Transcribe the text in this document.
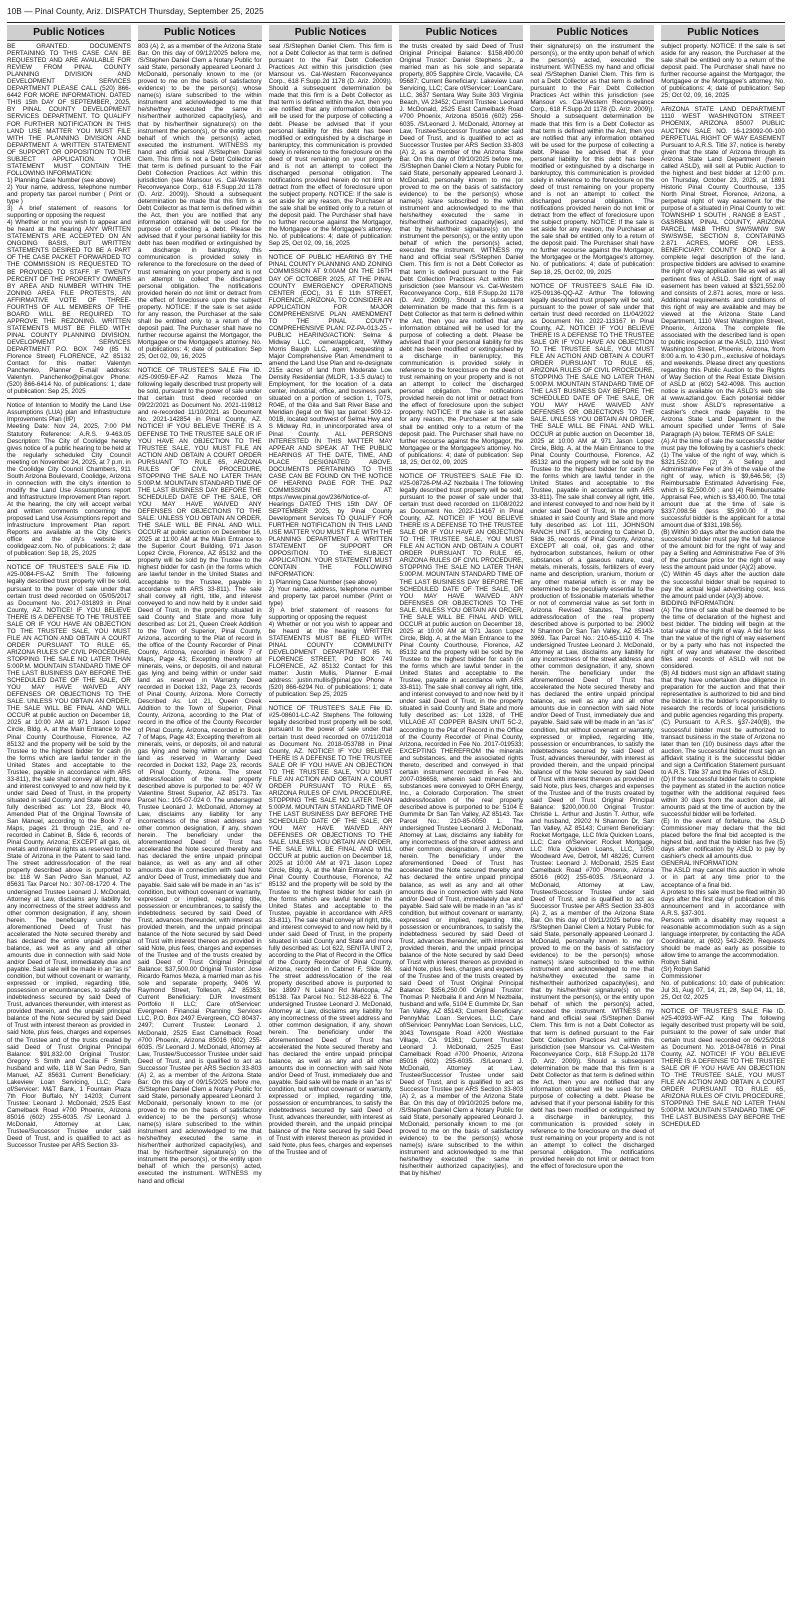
10B — Pinal County, Ariz. DISPATCH Thursday, September 25, 2025
Public Notices

BE GRANTED. DOCUMENTS PERTAINING TO THIS CASE CAN BE REQUESTED AND ARE AVAILABLE FOR REVIEW FROM PINAL COUNTY PLANNING DIVISION AND DEVELOPMENT SERVICES DEPARTMENT PLEASE CALL (520) 866-6442 FOR MORE INFORMATION. DATED THIS 15th DAY OF SEPTEMBER, 2025, BY PINAL COUNTY DEVELOPMENT SERVICES DEPARTMENT. TO QUALIFY FOR FURTHER NOTIFICATION IN THIS LAND USE MATTER YOU MUST FILE WITH THE PLANNING DIVISION AND DEPARTMENT A WRITTEN STATEMENT OF SUPPORT OR OPPOSITION TO THE SUBJECT APPLICATION. YOUR STATEMENT MUST CONTAIN THE FOLLOWING INFORMATION:

1) Planning Case Number (see above)

2) Your name, address, telephone number and property tax parcel number ( Print or type )

3) A brief statement of reasons for supporting or opposing the request

4) Whether or not you wish to appear and be heard at the hearing ANY WRITTEN STATEMENTS ARE ACCEPTED ON AN ONGOING BASIS, BUT WRITTEN STATEMENTS DESIRED TO BE A PART OF THE CASE PACKET FORWARDED TO THE COMMISSION IS REQUESTED TO BE PROVIDED TO STAFF. IF TWENTY PERCENT OF THE PROPERTY OWNERS BY AREA AND NUMBER WITHIN THE ZONING AREA FILE PROTESTS, AN AFFIRMATIVE VOTE OF THREE-FOURTHS OF ALL MEMBERS OF THE BOARD WILL BE REQUIRED TO APPROVE THE REZONING. WRITTEN STATEMENTS MUST BE FILED WITH: PINAL COUNTY PLANNING DIVISION, DEVELOPMENT SERVICES DEPARTMENT P.O. BOX 749 (85 N. Florence Street) FLORENCE, AZ 85132 Contact for this matter: Valentyn Panchenko, Planner E-mail address: Valentyn. Panchenko@pinal.gov Phone: (520) 866-6414 No. of publications: 1; date of publication: Sep 25, 2025

Notice of Intention to Modify the Land Use Assumptions (LUA) plan and Infrastructure Improvements Plan (IIP)

Meeting Date: Nov 24, 2025, 7:00 PM Statutory Reference: A.R.S. 9-463.05 Description: The City of Coolidge hereby gives notice of a public hearing to be held at the regularly scheduled City Council meeting on November 24, 2025, at 7 p.m. in the Coolidge City Council Chambers, 911 South Arizona Boulevard, Coolidge, Arizona in connection with the city's intention to modify the Land Use Assumptions report and Infrastructure Improvement Plan report. At the hearing, the city will accept verbal and written comments concerning the proposed Land Use Assumptions report and Infrastructure Improvement Plan report. Reports are available at the City Clerk's office and the city's website at coolidgeaz.com. No. of publications: 2; date of publication: Sep 18, 25, 2025

NOTICE OF TRUSTEE'S SALE File ID. #25-0084-FS-AZ Smith The following legally described trust property will be sold, pursuant to the power of sale under that certain trust deed recorded on 05/05/2017 as Document No. 2017-031893 in Pinal County, AZ. NOTICE! IF YOU BELIEVE THERE IS A DEFENSE TO THE TRUSTEE SALE OR IF YOU HAVE AN OBJECTION TO THE TRUSTEE SALE, YOU MUST FILE AN ACTION AND OBTAIN A COURT ORDER PURSUANT TO RULE 65, ARIZONA RULES OF CIVIL PROCEDURE, STOPPING THE SALE NO LATER THAN 5:00P.M. MOUNTAIN STANDARD TIME OF THE LAST BUSINESS DAY BEFORE THE SCHEDULED DATE OF THE SALE, OR YOU MAY HAVE WAIVED ANY DEFENSES OR OBJECTIONS TO THE SALE. UNLESS YOU OBTAIN AN ORDER, THE SALE WILL BE FINAL AND WILL OCCUR at public auction on December 18, 2025 at 10:00 AM at 971 Jason Lopez Circle, Bldg. A, at the Main Entrance to the Pinal County Courthouse, Florence, AZ 85132 and the property will be sold by the Trustee to the highest bidder for cash (in the forms which are lawful tender in the United States and acceptable to the Trustee, payable in accordance with ARS 33-811), the sale shall convey all right, title, and interest conveyed to and now held by it under said Deed of Trust, in the property situated in said County and State and more fully described as: Lot 23, Block 40, Amended Plat of the Original Townsite of San Manuel, according to the Book 7 of Maps, pages 21 through 21E, and re-recorded in Cabinet B, Slide 6, records of Pinal County, Arizona; EXCEPT all gas, oil, metals and mineral rights as reserved to the State of Arizona in the Patent to said land. The street address/location of the real property described above is purported to be: 118 W San Pedro San Manuel, AZ 85631 Tax Parcel No.: 307-08-1720 4. The undersigned Trustee Leonard J. McDonald, Attorney at Law, disclaims any liability for any incorrectness of the street address and other common designation, if any, shown herein. The beneficiary under the aforementioned Deed of Trust has accelerated the Note secured thereby and has declared the entire unpaid principal balance, as well as any and all other amounts due in connection with said Note and/or Deed of Trust, immediately due and payable. Said sale will be made in an "as is" condition, but without covenant or warranty, expressed or implied, regarding title, possession or encumbrances, to satisfy the indebtedness secured by said Deed of Trust, advances thereunder, with interest as provided therein, and the unpaid principal balance of the Note secured by said Deed of Trust with interest thereon as provided in said Note, plus fees, charges and expenses of the Trustee and of the trusts created by said Deed of Trust Original Principal Balance: $91,832.00 Original Trustor: Gregory S Smith and Cecilia F Smith, husband and wife, 118 W San Pedro, San Manuel, AZ 85631 Current Beneficiary: Lakeview Loan Servicing, LLC; Care of/Servicer: M&T Bank, 1 Fountain Plaza 7th Floor Buffalo, NY 14203; Current Trustee: Leonard J. McDonald, 2525 East Camelback Road #700 Phoenix, Arizona 85016 (602) 255-6035. /S/ Leonard J. McDonald, Attorney at Law, Trustee/Successor Trustee under said Deed of Trust, and is qualified to act as Successor Trustee per ARS Section 33-

Public Notices

803 (A) 2, as a member of the Arizona State Bar. On this day of 09/12/2025 before me, /S/Stephen Daniel Clem a Notary Public for said State, personally appeared Leonard J. McDonald, personally known to me (or proved to me on the basis of satisfactory evidence) to be the person(s) whose name(s) is/are subscribed to the within instrument and acknowledged to me that he/she/they executed the same in his/her/their authorized capacity(ies), and that by his/her/their signature(s) on the instrument the person(s), or the entity upon behalf of which the person(s) acted, executed the instrument. WITNESS my hand and official seal /S/Stephen Daniel Clem. This firm is not a Debt Collector as that term is defined pursuant to the Fair Debt Collection Practices Act within this jurisdiction (see Mansour vs. Cal-Western Reconveyance Corp., 618 F.Supp.2d 1178 (D. Ariz. 2009)). Should a subsequent determination be made that this firm is a Debt Collector as that term is defined within the Act, then you are notified that any information obtained will be used for the purpose of collecting a debt. Please be advised that if your personal liability for this debt has been modified or extinguished by a discharge in bankruptcy, this communication is provided solely in reference to the foreclosure on the deed of trust remaining on your property and is not an attempt to collect the discharged personal obligation. The notifications provided herein do not limit or detract from the effect of foreclosure upon the subject property. NOTICE: If the sale is set aside for any reason, the Purchaser at the sale shall be entitled only to a return of the deposit paid. The Purchaser shall have no further recourse against the Mortgagor, the Mortgagee or the Mortgagee's attorney. No. of publications: 4; date of publication: Sep 25; Oct 02, 09, 16, 2025

NOTICE OF TRUSTEE'S SALE File ID. #25-09059-EF-AZ Ramos Meza The following legally described trust property will be sold, pursuant to the power of sale under that certain trust deed recorded on 09/22/2021 as Document No. 2021-119812 and re-recorded 11/10/2021 as Document No. 2021-142854 in Pinal County, AZ. NOTICE! IF YOU BELIEVE THERE IS A DEFENSE TO THE TRUSTEE SALE OR IF YOU HAVE AN OBJECTION TO THE TRUSTEE SALE, YOU MUST FILE AN ACTION AND OBTAIN A COURT ORDER PURSUANT TO RULE 65, ARIZONA RULES OF CIVIL PROCEDURE, STOPPING THE SALE NO LATER THAN 5:00P.M. MOUNTAIN STANDARD TIME OF THE LAST BUSINESS DAY BEFORE THE SCHEDULED DATE OF THE SALE, OR YOU MAY HAVE WAIVED ANY DEFENSES OR OBJECTIONS TO THE SALE. UNLESS YOU OBTAIN AN ORDER, THE SALE WILL BE FINAL AND WILL OCCUR at public auction on December 16, 2025 at 11:00 AM at the Main Entrance to the Superior Court Building, 971 Jason Lopez Circle, Florence, AZ 85132 and the property will be sold by the Trustee to the highest bidder for cash (in the forms which are lawful tender in the United States and acceptable to the Trustee, payable in accordance with ARS 33-811). The sale shall convey all right, title, and interest conveyed to and now held by it under said Deed of Trust, in the property situated in said County and State and more fully described as: Lot 21, Queen Creek Addition to the Town of Superior, Pinal County, Arizona, according to the Plat of record in the office of the County Recorder of Pinal County, Arizona, recorded in Book 7 of Maps, Page 43; Excepting therefrom all minerals, veins, or deposits, oil and natural gas lying and being within or under said land as reserved in Warranty Deed recorded in Docket 132, Page 23, records of Pinal County, Arizona. More Correctly Described As: Lot 21, Queen Creek Addition to the Town of Superior, Pinal County, Arizona, according to the Plat of record in the office of the County Recorder of Pinal County, Arizona, recorded in Book 7 of Maps, Page 43; Excepting therefrom all minerals, veins, or deposits, oil and natural gas lying and being within or under said land as reserved in Warranty Deed recorded in Docket 132, Page 23, records of Pinal County, Arizona. The street address/location of the real property described above is purported to be: 407 W Valentine Street Superior, AZ 85173. Tax Parcel No.: 105-07-024 0. The undersigned Trustee Leonard J. McDonald, Attorney at Law, disclaims any liability for any incorrectness of the street address and other common designation, if any, shown herein. The beneficiary under the aforementioned Deed of Trust has accelerated the Note secured thereby and has declared the entire unpaid principal balance, as well as any and all other amounts due in connection with said Note and/or Deed of Trust, immediately due and payable. Said sale will be made in an "as is" condition, but without covenant or warranty, expressed or implied, regarding title, possession or encumbrances, to satisfy the indebtedness secured by said Deed of Trust, advances thereunder, with interest as provided therein, and the unpaid principal balance of the Note secured by said Deed of Trust with interest thereon as provided in said Note, plus fees, charges and expenses of the Trustee and of the trusts created by said Deed of Trust Original Principal Balance: $37,500.00 Original Trustor: Jose Ricardo Ramos Meza, a married man as his sole and separate property, 9406 W. Raymond Street, Tolleson, AZ 85353; Current Beneficiary: DJR Investment Portfolio II LLC; Care of/Servicer: Evergreen Financial Planning Services LLC, P.O. Box 2497 Evergreen, CO 80437-2497; Current Trustee: Leonard J. McDonald, 2525 East Camelback Road #700 Phoenix, Arizona 85016 (602) 255-6035. /S/ Leonard J. McDonald, Attorney at Law, Trustee/Successor Trustee under said Deed of Trust, and is qualified to act as Successor Trustee per ARS Section 33-803 (A) 2, as a member of the Arizona State Bar. On this day of 09/15/2025 before me, /S/Stephen Daniel Clem a Notary Public for said State, personally appeared Leonard J. McDonald, personally known to me (or proved to me on the basis of satisfactory evidence) to be the person(s) whose name(s) is/are subscribed to the within instrument and acknowledged to me that he/she/they executed the same in his/her/their authorized capacity(ies), and that by his/her/their signature(s) on the instrument the person(s), or the entity upon behalf of which the person(s) acted, executed the instrument. WITNESS my hand and official

Public Notices

seal /S/Stephen Daniel Clem. This firm is not a Debt Collector as that term is defined pursuant to the Fair Debt Collection Practices Act within this jurisdiction (see Mansour vs. Cal-Western Reconveyance Corp., 618 F.Supp.2d 1178 (D. Ariz. 2009)). Should a subsequent determination be made that this firm is a Debt Collector as that term is defined within the Act, then you are notified that any information obtained will be used for the purpose of collecting a debt. Please be advised that if your personal liability for this debt has been modified or extinguished by a discharge in bankruptcy, this communication is provided solely in reference to the foreclosure on the deed of trust remaining on your property and is not an attempt to collect the discharged personal obligation. The notifications provided herein do not limit or detract from the effect of foreclosure upon the subject property. NOTICE: If the sale is set aside for any reason, the Purchaser at the sale shall be entitled only to a return of the deposit paid. The Purchaser shall have no further recourse against the Mortgagor, the Mortgagee or the Mortgagee's attorney. No. of publications: 4; date of publication: Sep 25, Oct 02, 09, 16, 2025

NOTICE OF PUBLIC HEARING BY THE PINAL COUNTY PLANNING AND ZONING COMMISSION AT 9:00AM ON THE 16TH DAY OF OCTOBER 2025, AT THE PINAL COUNTY EMERGENCY OPERATIONS CENTER (EOC), 31 E 11th STREET, FLORENCE, ARIZONA, TO CONSIDER AN APPLICATION FOR MAJOR COMPREHENSIVE PLAN AMENDMENT TO THE PINAL COUNTY COMPREHENSIVE PLAN: PZ-PA-013-25 – PUBLIC HEARING/ACTION: Selma & Midway LLC, owner/applicant, Withey Morris Baugh LLC, agent, requesting a Major Comprehensive Plan Amendment to amend the Land Use Plan and re-designate 215± acres of land from Moderate Low Density Residential (MLDR, 1-3.5 du/ac) to Employment, for the location of a data center, industrial, office, and business park, situated on a portion of section 1, T07S, R04E, of the Gila and Salt River Base and Meridian (legal on file) tax parcel: 509-12-001B, located southwest of Selma Hwy and S Midway Rd, in unincorporated area of Pinal County. ALL PERSONS INTERESTED IN THIS MATTER MAY APPEAR AND SPEAK AT THE PUBLIC HEARINGS AT THE DATE, TIME, AND PLACE DESIGNATED ABOVE. DOCUMENTS PERTAINING TO THIS CASE CAN BE FOUND ON THE NOTICE OF HEARING PAGE FOR THE P&Z COMMISSION AT: https://www.pinal.gov/236/Notice-of-Hearings DATED THIS 15th DAY OF SEPTEMBER 2025, by Pinal County Development Services TO QUALIFY FOR FURTHER NOTIFICATION IN THIS LAND USE MATTER YOU MUST FILE WITH THE PLANNING DEPARTMENT A WRITTEN STATEMENT OF SUPPORT OR OPPOSITION TO THE SUBJECT APPLICATION. YOUR STATEMENT MUST CONTAIN THE FOLLOWING INFORMATION:

1) Planning Case Number (see above)

2) Your name, address, telephone number and property tax parcel number (Print or type)

3) A brief statement of reasons for supporting or opposing the request

4) Whether or not you wish to appear and be heard at the hearing WRITTEN STATEMENTS MUST BE FILED WITH: PINAL COUNTY COMMUNITY DEVELOPMENT DEPARTMENT 85 N. FLORENCE STREET, PO BOX 749 FLORENCE, AZ 85132 Contact for this matter: Justin Mullis, Planner E-mail address: justin.mullis@pinal.gov Phone # (520) 866-6294 No. of publications: 1; date of publication: Sep 25, 2025

NOTICE OF TRUSTEE'S SALE File ID. #25-08601-LC-AZ Stephens The following legally described trust property will be sold, pursuant to the power of sale under that certain trust deed recorded on 07/11/2018 as Document No. 2018-053788 in Pinal County, AZ. NOTICE! IF YOU BELIEVE THERE IS A DEFENSE TO THE TRUSTEE SALE OR IF YOU HAVE AN OBJECTION TO THE TRUSTEE SALE, YOU MUST FILE AN ACTION AND OBTAIN A COURT ORDER PURSUANT TO RULE 65, ARIZONA RULES OF CIVIL PROCEDURE, STOPPING THE SALE NO LATER THAN 5:00P.M. MOUNTAIN STANDARD TIME OF THE LAST BUSINESS DAY BEFORE THE SCHEDULED DATE OF THE SALE, OR YOU MAY HAVE WAIVED ANY DEFENSES OR OBJECTIONS TO THE SALE. UNLESS YOU OBTAIN AN ORDER, THE SALE WILL BE FINAL AND WILL OCCUR at public auction on December 18, 2025 at 10:00 AM at 971 Jason Lopez Circle, Bldg. A, at the Main Entrance to the Pinal County Courthouse, Florence, AZ 85132 and the property will be sold by the Trustee to the highest bidder for cash (in the forms which are lawful tender in the United States and acceptable to the Trustee, payable in accordance with ARS 33-811). The sale shall convey all right, title, and interest conveyed to and now held by it under said Deed of Trust, in the property situated in said County and State and more fully described as: Lot 622, SENITA UNIT 2, according to the Plat of Record in the Office of the County Recorder of Pinal County, Arizona, recorded in Cabinet F, Slide 98. The street address/location of the real property described above is purported to be: 18997 N Leland Rd Maricopa, AZ 85138. Tax Parcel No.: 512-38-622 6. The undersigned Trustee Leonard J. McDonald, Attorney at Law, disclaims any liability for any incorrectness of the street address and other common designation, if any, shown herein. The beneficiary under the aforementioned Deed of Trust has accelerated the Note secured thereby and has declared the entire unpaid principal balance, as well as any and all other amounts due in connection with said Note and/or Deed of Trust, immediately due and payable. Said sale will be made in an "as is" condition, but without covenant or warranty, expressed or implied, regarding title, possession or encumbrances, to satisfy the indebtedness secured by said Deed of Trust, advances thereunder, with interest as provided therein, and the unpaid principal balance of the Note secured by said Deed of Trust with interest thereon as provided in said Note, plus fees, charges and expenses of the Trustee and of

Public Notices

the trusts created by said Deed of Trust Original Principal Balance: $158,490.00 Original Trustor: Daniel Stephens Jr., a married man as his sole and separate property, 805 Sapphire Circle, Vacaville, CA 95687; Current Beneficiary: Lakeview Loan Servicing, LLC; Care of/Servicer: LoanCare, LLC, 3637 Sentara Way Suite 303 Virginia Beach, VA 23452; Current Trustee: Leonard J. McDonald, 2525 East Camelback Road #700 Phoenix, Arizona 85016 (602) 256-6035. /S/Leonard J. McDonald, Attorney at Law, Trustee/Successor Trustee under said Deed of Trust, and is qualified to act as Successor Trustee per ARS Section 33-803 (A) 2, as a member of the Arizona State Bar. On this day of 09/10/2025 before me, /S/Stephen Daniel Clem a Notary Public for said State, personally appeared Leonard J. McDonald, personally known to me (or proved to me on the basis of satisfactory evidence) to be the person(s) whose name(s) is/are subscribed to the within instrument and acknowledged to me that he/she/they executed the same in his/her/their authorized capacity(ies), and that by his/her/their signature(s) on the instrument the person(s), or the entity upon behalf of which the person(s) acted, executed the instrument. WITNESS my hand and official seal /S/Stephen Daniel Clem. This firm is not a Debt Collector as that term is defined pursuant to the Fair Debt Collection Practices Act within this jurisdiction (see Mansour vs. Cal-Western Reconveyance Corp., 618 F.Supp.2d 1178 (D. Ariz. 2009)). Should a subsequent determination be made that this firm is a Debt Collector as that term is defined within the Act, then you are notified that any information obtained will be used for the purpose of collecting a debt. Please be advised that if your personal liability for this debt has been modified or extinguished by a discharge in bankruptcy, this communication is provided solely in reference to the foreclosure on the deed of trust remaining on your property and is not an attempt to collect the discharged personal obligation. The notifications provided herein do not limit or detract from the effect of foreclosure upon the subject property. NOTICE: If the sale is set aside for any reason, the Purchaser at the sale shall be entitled only to a return of the deposit paid. The Purchaser shall have no further recourse against the Mortgagor, the Mortgagee or the Mortgagee's attorney. No. of publications: 4; date of publication: Sep 18, 25, Oct 02, 09, 2025

NOTICE OF TRUSTEE'S SALE File ID. #25-08726-PM-AZ Nezbaila I The following legally described trust property will be sold, pursuant to the power of sale under that certain trust deed recorded on 11/08/2022 as Document No. 2022-114167 in Pinal County, AZ. NOTICE! IF YOU BELIEVE THERE IS A DEFENSE TO THE TRUSTEE SALE OR IF YOU HAVE AN OBJECTION TO THE TRUSTEE SALE, YOU MUST FILE AN ACTION AND OBTAIN A COURT ORDER PURSUANT TO RULE 65, ARIZONA RULES OF CIVIL PROCEDURE, STOPPING THE SALE NO LATER THAN 5:00P.M. MOUNTAIN STANDARD TIME OF THE LAST BUSINESS DAY BEFORE THE SCHEDULED DATE OF THE SALE, OR YOU MAY HAVE WAIVED ANY DEFENSES OR OBJECTIONS TO THE SALE. UNLESS YOU OBTAIN AN ORDER, THE SALE WILL BE FINAL AND WILL OCCUR at public auction on December 18, 2025 at 10:00 AM at 971 Jason Lopez Circle, Bldg. A, at the Main Entrance to the Pinal County Courthouse, Florence, AZ 85132 and the property will be sold by the Trustee to the highest bidder for cash (in the forms which are lawful tender in the United States and acceptable to the Trustee, payable in accordance with ARS 33-811). The sale shall convey all right, title, and interest conveyed to and now held by it under said Deed of Trust, in the property situated in said County and State and more fully described as: Lot 1328, of THE VILLAGE AT COPPER BASIN UNIT 5C-2, according to the Plat of Record in the Office of the County Recorder of Pinal County, Arizona, recorded in Fee No. 2017-019533; EXCEPTING THEREFROM the minerals and substances, and the associated rights thereto, described and conveyed in that certain instrument recorded in Fee No. 2007-036658, wherein said minerals and substances were conveyed to ORH Energy, Inc., a Colorado Corporation. The street address/location of the real property described above is purported to be: 5104 E Gummite Dr San Tan Valley, AZ 85143. Tax Parcel No.: 210-85-0050 1. The undersigned Trustee Leonard J. McDonald, Attorney at Law, disclaims any liability for any incorrectness of the street address and other common designation, if any, shown herein. The beneficiary under the aforementioned Deed of Trust has accelerated the Note secured thereby and has declared the entire unpaid principal balance, as well as any and all other amounts due in connection with said Note and/or Deed of Trust, immediately due and payable. Said sale will be made in an "as is" condition, but without covenant or warranty, expressed or implied, regarding title, possession or encumbrances, to satisfy the indebtedness secured by said Deed of Trust, advances thereunder, with interest as provided therein, and the unpaid principal balance of the Note secured by said Deed of Trust with interest thereon as provided in said Note, plus fees, charges and expenses of the Trustee and of the trusts created by said Deed of Trust Original Principal Balance: $356,250.00 Original Trustor: Thomas P. Nezbaila II and Ann M Nezbaila, husband and wife, 5104 E Gummite Dr, San Tan Valley, AZ 85143; Current Beneficiary: PennyMac Loan Services, LLC; Care of/Servicer: PennyMac Loan Services, LLC, 3043 Townsgate Road #200 Westlake Village, CA 91361; Current Trustee: Leonard J. McDonald, 2525 East Camelback Road #700 Phoenix, Arizona 85016 (602) 255-6035. /S/Leonard J. McDonald, Attorney at Law, Trustee/Successor Trustee under said Deed of Trust, and is qualified to act as Successor Trustee per ARS Section 33-803 (A) 2, as a member of the Arizona State Bar. On this day of 09/10/2025 before me, /S/Stephen Daniel Clem a Notary Public for said State, personally appeared Leonard J. McDonald, personally known to me (or proved to me on the basis of satisfactory evidence) to be the person(s) whose name(s) is/are subscribed to the within instrument and acknowledged to me that he/she/they executed the same in his/her/their authorized capacity(ies), and that by his/her/

Public Notices

their signature(s) on the instrument the person(s), or the entity upon behalf of which the person(s) acted, executed the instrument. WITNESS my hand and official seal /S/Stephen Daniel Clem. This firm is not a Debt Collector as that term is defined pursuant to the Fair Debt Collection Practices Act within this jurisdiction (see Mansour vs. Cal-Western Reconveyance Corp., 618 F.Supp.2d 1178 (D. Ariz. 2009)). Should a subsequent determination be made that this firm is a Debt Collector as that term is defined within the Act, then you are notified that any information obtained will be used for the purpose of collecting a debt. Please be advised that if your personal liability for this debt has been modified or extinguished by a discharge in bankruptcy, this communication is provided solely in reference to the foreclosure on the deed of trust remaining on your property and is not an attempt to collect the discharged personal obligation. The notifications provided herein do not limit or detract from the effect of foreclosure upon the subject property. NOTICE: If the sale is set aside for any reason, the Purchaser at the sale shall be entitled only to a return of the deposit paid. The Purchaser shall have no further recourse against the Mortgagor, the Mortgagee or the Mortgagee's attorney. No. of publications: 4; date of publication: Sep 18, 25, Oct 02, 09, 2025

NOTICE OF TRUSTEE'S SALE File ID. #25-09136-QQ-AZ Arthur The following legally described trust property will be sold, pursuant to the power of sale under that certain trust deed recorded on 11/04/2022 as Document No. 2022-113167 in Pinal County, AZ. NOTICE! IF YOU BELIEVE THERE IS A DEFENSE TO THE TRUSTEE SALE OR IF YOU HAVE AN OBJECTION TO THE TRUSTEE SALE, YOU MUST FILE AN ACTION AND OBTAIN A COURT ORDER PURSUANT TO RULE 65, ARIZONA RULES OF CIVIL PROCEDURE, STOPPING THE SALE NO LATER THAN 5:00P.M. MOUNTAIN STANDARD TIME OF THE LAST BUSINESS DAY BEFORE THE SCHEDULED DATE OF THE SALE, OR YOU MAY HAVE WAIVED ANY DEFENSES OR OBJECTIONS TO THE SALE. UNLESS YOU OBTAIN AN ORDER, THE SALE WILL BE FINAL AND WILL OCCUR at public auction on December 18, 2025 at 10:00 AM at 971 Jason Lopez Circle, Bldg. A, at the Main Entrance to the Pinal County Courthouse, Florence, AZ 85132 and the property will be sold by the Trustee to the highest bidder for cash (in the forms which are lawful tender in the United States and acceptable to the Trustee, payable in accordance with ARS 33-811). The sale shall convey all right, title, and interest conveyed to and now held by it under said Deed of Trust, in the property situated in said County and State and more fully described as: Lot 111, JOHNSON RANCH UNIT 15, according to Cabinet D, Slide 35, records of Pinal County, Arizona; EXCEPT all coal, oil, gas and other hydrocarbon substances, helium or other substances of a gaseous nature, coal, metals, minerals, fossils, fertilizers of every name and description, uranium, thorium or any other material which is or may be determined to be peculiarly essential to the production of fissionable materials whether or not of commercial value as set forth in Arizona Revised Statutes. The street address/location of the real property described above is purported to be: 29002 N Shannon Dr San Tan Valley, AZ 85143-3969. Tax Parcel No.: 210-65-1110 4. The undersigned Trustee Leonard J. McDonald, Attorney at Law, disclaims any liability for any incorrectness of the street address and other common designation, if any, shown herein. The beneficiary under the aforementioned Deed of Trust has accelerated the Note secured thereby and has declared the entire unpaid principal balance, as well as any and all other amounts due in connection with said Note and/or Deed of Trust, immediately due and payable. Said sale will be made in an "as is" condition, but without covenant or warranty, expressed or implied, regarding title, possession or encumbrances, to satisfy the indebtedness secured by said Deed of Trust, advances thereunder, with interest as provided therein, and the unpaid principal balance of the Note secured by said Deed of Trust with interest thereon as provided in said Note, plus fees, charges and expenses of the Trustee and of the trusts created by said Deed of Trust Original Principal Balance: $200,000.00 Original Trustor: Christie L. Arthur and Justin T. Arthur, wife and husband, 29202 N Shannon Dr, San Tan Valley, AZ 85143; Current Beneficiary: Rocket Mortgage, LLC f/k/a Quicken Loans, LLC; Care of/Servicer: Rocket Mortgage, LLC f/k/a Quicken Loans, LLC, 1050 Woodward Ave, Detroit, MI 48226; Current Trustee: Leonard J. McDonald, 2525 East Camelback Road #700 Phoenix, Arizona 85016 (602) 255-6035. /S/Leonard J. McDonald, Attorney at Law, Trustee/Successor Trustee under said Deed of Trust, and is qualified to act as Successor Trustee per ARS Section 33-803 (A) 2, as a member of the Arizona State Bar. On this day of 09/11/2025 before me, /S/Stephen Daniel Clem a Notary Public for said State, personally appeared Leonard J. McDonald, personally known to me (or proved to me on the basis of satisfactory evidence) to be the person(s) whose name(s) is/are subscribed to the within instrument and acknowledged to me that he/she/they executed the same in his/her/their authorized capacity(ies), and that by his/her/their signature(s) on the instrument the person(s), or the entity upon behalf of which the person(s) acted, executed the instrument. WITNESS my hand and official seal /S/Stephen Daniel Clem. This firm is not a Debt Collector as that term is defined pursuant to the Fair Debt Collection Practices Act within this jurisdiction (see Mansour vs. Cal-Western Reconveyance Corp., 618 F.Supp.2d 1178 (D. Ariz. 2009)). Should a subsequent determination be made that this firm is a Debt Collector as that term is defined within the Act, then you are notified that any information obtained will be used for the purpose of collecting a debt. Please be advised that if your personal liability for this debt has been modified or extinguished by a discharge in bankruptcy, this communication is provided solely in reference to the foreclosure on the deed of trust remaining on your property and is not an attempt to collect the discharged personal obligation. The notifications provided herein do not limit or detract from the effect of foreclosure upon the

Public Notices

subject property. NOTICE: If the sale is set aside for any reason, the Purchaser at the sale shall be entitled only to a return of the deposit paid. The Purchaser shall have no further recourse against the Mortgagor, the Mortgagee or the Mortgagee's attorney. No. of publications: 4; date of publication: Sep 25; Oct 02, 09, 16, 2025

ARIZONA STATE LAND DEPARTMENT 1110 WEST WASHINGTON STREET PHOENIX, ARIZONA 85007 PUBLIC AUCTION SALE NO. 16-123092-00-100 PERPETUAL RIGHT OF WAY EASEMENT Pursuant to A.R.S. Title 37, notice is hereby given that the state of Arizona through its Arizona State Land Department (herein called ASLD), will sell at Public Auction to the highest and best bidder at 12:00 p.m. on Thursday, October 23, 2025, at 1891 Historic Pinal County Courthouse, 135 North Pinal Street, Florence, Arizona, a perpetual right of way easement for the purpose of a situated in Pinal County to wit: TOWNSHIP 1 SOUTH , RANGE 8 EAST , G&SRB&M, PINAL COUNTY, ARIZONA PARCEL M&B THRU SW/SWNW SW SW/SWSE, SECTION 8, CONTAINING 2.871 ACRES, MORE OR LESS. BENEFICIARY: COUNTY BOND For a complete legal description of the land, prospective bidders are advised to examine the right of way application file as well as all pertinent files of ASLD. Said right of way easement has been valued at $321,552.00 and consists of 2.871 acres, more or less. Additional requirements and conditions of this right of way are available and may be viewed at the Arizona State Land Department, 1110 West Washington Street, Phoenix, Arizona. The complete file associated with the described land is open to public inspection at the ASLD, 1110 West Washington Street, Phoenix, Arizona, from 8:00 a.m. to 4:30 p.m., exclusive of holidays and weekends. Please direct any questions regarding this Public Auction to the Rights of Way Section of the Real Estate Division of ASLD at (602) 542-4098. This auction notice is available on the ASLD's web site at www.azland.gov. Each potential bidder must show ASLD's representative a cashier's check made payable to the Arizona State Land Department in the amount specified under Terms of Sale Paragraph (A) below. TERMS OF SALE:

(A) At the time of sale the successful bidder must pay the following by a cashier's check: (1) The value of the right of way, which is $321,552.00; (2) A Selling and Administrative Fee of 3% of the value of the right of way, which is $9,646.56; (3) Reimbursable Estimated Advertising Fee, which is $2,500.00 ; and (4) Reimbursable Appraisal Fee, which is $3,400.00. The total amount due at the time of sale is $337,098.56 (less $5,900.00 if the successful bidder is the applicant for a total amount due of $331,198.56).

(B) Within 30 days after the auction date the successful bidder must pay the full balance of the amount bid for the right of way and pay a Selling and Administrative Fee of 3% of the purchase price for the right of way less the amount paid under (A)(2) above.

(C) Within 45 days after the auction date the successful bidder shall be required to pay the actual legal advertising cost, less the amount paid under (A)(3) above.

BIDDING INFORMATION:

(A) The time of sale shall be deemed to be the time of declaration of the highest and best bidder. The bidding will begin at the total value of the right of way. A bid for less than the value of the right of way easement or by a party who has not inspected the right of way and whatever the described files and records of ASLD will not be considered.

(B) All bidders must sign an affidavit stating that they have undertaken due diligence in preparation for the auction and that their representative is authorized to bid and bind the bidder. It is the bidder's responsibility to research the records of local jurisdictions and public agencies regarding this property.

(C) Pursuant to A.R.S. §37-240(B), the successful bidder must be authorized to transact business in the state of Arizona no later than ten (10) business days after the auction. The successful bidder must sign an affidavit stating it is the successful bidder and sign a Certification Statement pursuant to A.R.S. Title 37 and the Rules of ASLD.

(D) If the successful bidder fails to complete the payment as stated in the auction notice together with the additional required fees within 30 days from the auction date, all amounts paid at the time of auction by the successful bidder will be forfeited.

(E) In the event of forfeiture, the ASLD Commissioner may declare that the bid placed before the final bid accepted is the highest bid, and that the bidder has five (5) days after notification by ASLD to pay by cashier's check all amounts due.

GENERAL INFORMATION:

The ASLD may cancel this auction in whole or in part at any time prior to the acceptance of a final bid.

A protest to this sale must be filed within 30 days after the first day of publication of this announcement and in accordance with A.R.S. §37-301.

Persons with a disability may request a reasonable accommodation such as a sign language interpreter, by contacting the ADA Coordinator, at (602) 542-2629. Requests should be made as early as possible to allow time to arrange the accommodation.

Robyn Sahid

(Sr) Robyn Sahid

Commissioner

No. of publications: 10; date of publication: Jul 31, Aug 07, 14, 21, 28, Sep 04, 11, 18, 25, Oct 02, 2025

NOTICE OF TRUSTEE'S SALE File ID. #25-40393-WF-AZ King The following legally described trust property will be sold, pursuant to the power of sale under that certain trust deed recorded on 06/25/2018 as Document No. 2018-047816 in Pinal County, AZ. NOTICE! IF YOU BELIEVE THERE IS A DEFENSE TO THE TRUSTEE SALE OR IF YOU HAVE AN OBJECTION TO THE TRUSTEE SALE, YOU MUST FILE AN ACTION AND OBTAIN A COURT ORDER PURSUANT TO RULE 65, ARIZONA RULES OF CIVIL PROCEDURE, STOPPING THE SALE NO LATER THAN 5:00P.M. MOUNTAIN STANDARD TIME OF THE LAST BUSINESS DAY BEFORE THE SCHEDULED
